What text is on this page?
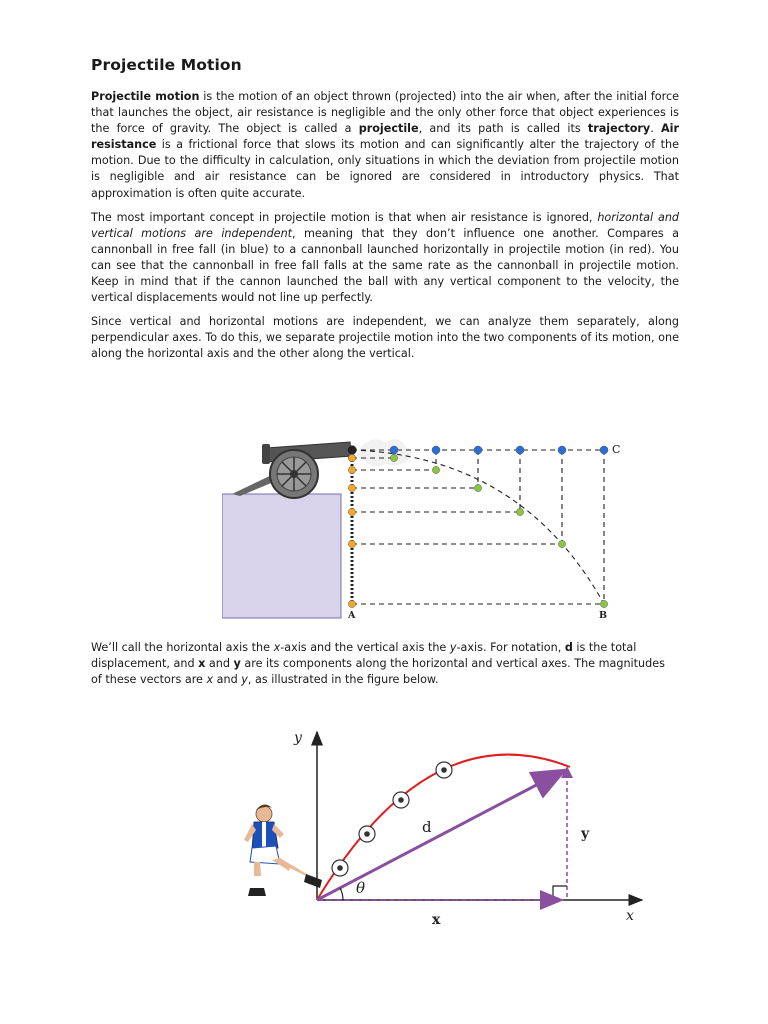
Projectile Motion

Projectile motion is the motion of an object thrown (projected) into the air when, after the initial force that launches the object, air resistance is negligible and the only other force that object experiences is the force of gravity. The object is called a projectile, and its path is called its trajectory. Air resistance is a frictional force that slows its motion and can significantly alter the trajectory of the motion. Due to the difficulty in calculation, only situations in which the deviation from projectile motion is negligible and air resistance can be ignored are considered in introductory physics. That approximation is often quite accurate.

The most important concept in projectile motion is that when air resistance is ignored, horizontal and vertical motions are independent, meaning that they don’t influence one another. Compares a cannonball in free fall (in blue) to a cannonball launched horizontally in projectile motion (in red). You can see that the cannonball in free fall falls at the same rate as the cannonball in projectile motion. Keep in mind that if the cannon launched the ball with any vertical component to the velocity, the vertical displacements would not line up perfectly.

Since vertical and horizontal motions are independent, we can analyze them separately, along perpendicular axes. To do this, we separate projectile motion into the two components of its motion, one along the horizontal axis and the other along the vertical.

A	B
C

We’ll call the horizontal axis the x-axis and the vertical axis the y-axis. For notation, d is the total displacement, and x and y are its components along the horizontal and vertical axes. The magnitudes of these vectors are x and y, as illustrated in the figure below.

y
x
d	y
x
θ
